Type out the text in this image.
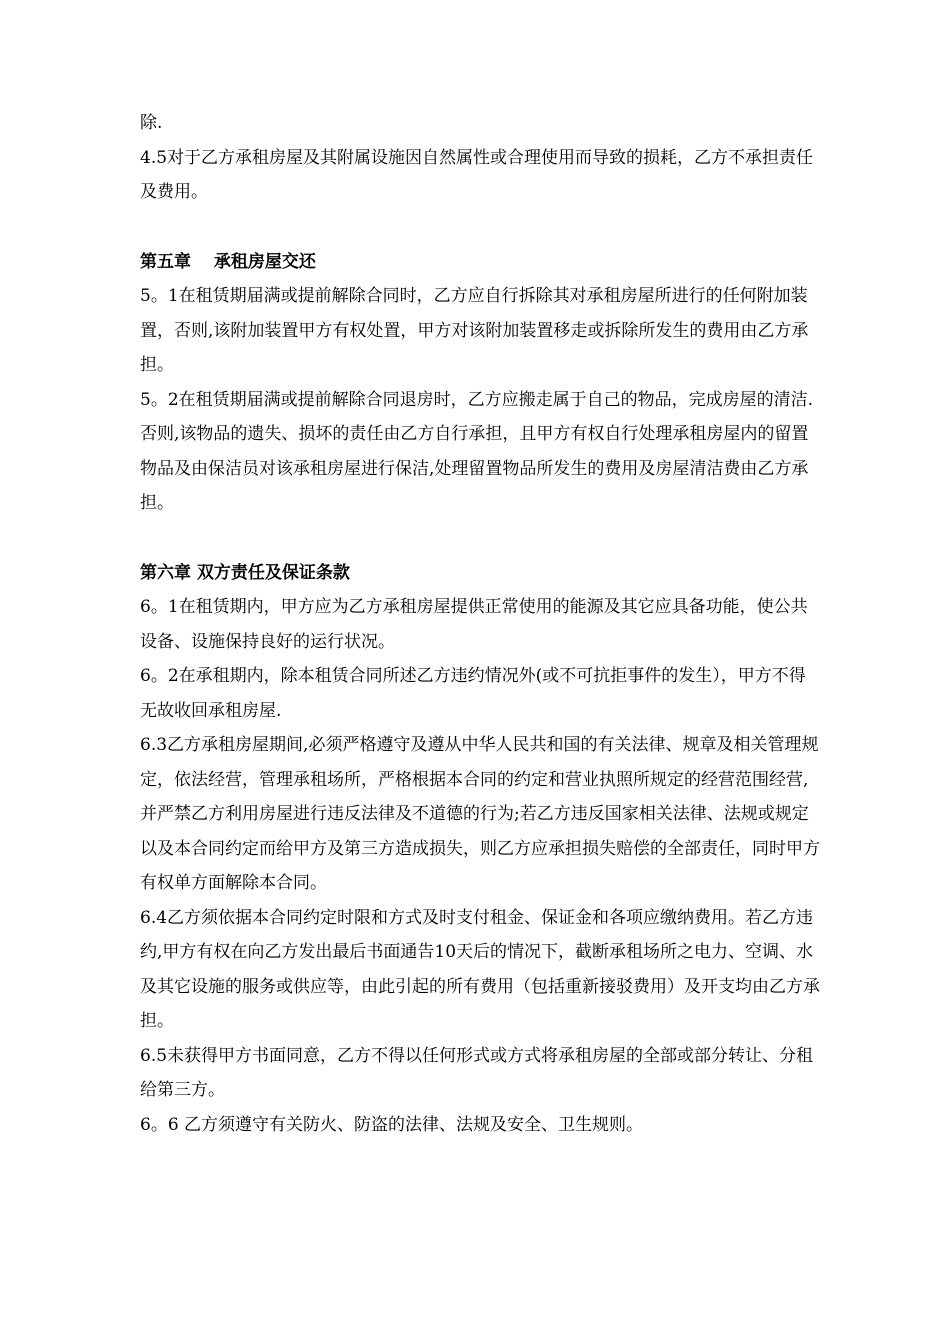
除.

4.5对于乙方承租房屋及其附属设施因自然属性或合理使用而导致的损耗，乙方不承担责任及费用。

第五章　 承租房屋交还

5。1在租赁期届满或提前解除合同时，乙方应自行拆除其对承租房屋所进行的任何附加装置，否则,该附加装置甲方有权处置，甲方对该附加装置移走或拆除所发生的费用由乙方承担。

5。2在租赁期届满或提前解除合同退房时，乙方应搬走属于自己的物品，完成房屋的清洁.否则,该物品的遗失、损坏的责任由乙方自行承担，且甲方有权自行处理承租房屋内的留置物品及由保洁员对该承租房屋进行保洁,处理留置物品所发生的费用及房屋清洁费由乙方承担。

第六章 双方责任及保证条款

6。1在租赁期内，甲方应为乙方承租房屋提供正常使用的能源及其它应具备功能，使公共设备、设施保持良好的运行状况。

6。2在承租期内，除本租赁合同所述乙方违约情况外(或不可抗拒事件的发生），甲方不得无故收回承租房屋.

6.3乙方承租房屋期间,必须严格遵守及遵从中华人民共和国的有关法律、规章及相关管理规定，依法经营，管理承租场所，严格根据本合同的约定和营业执照所规定的经营范围经营,并严禁乙方利用房屋进行违反法律及不道德的行为;若乙方违反国家相关法律、法规或规定以及本合同约定而给甲方及第三方造成损失，则乙方应承担损失赔偿的全部责任，同时甲方有权单方面解除本合同。

6.4乙方须依据本合同约定时限和方式及时支付租金、保证金和各项应缴纳费用。若乙方违约,甲方有权在向乙方发出最后书面通告10天后的情况下，截断承租场所之电力、空调、水及其它设施的服务或供应等，由此引起的所有费用（包括重新接驳费用）及开支均由乙方承担。

6.5未获得甲方书面同意，乙方不得以任何形式或方式将承租房屋的全部或部分转让、分租给第三方。

6。6 乙方须遵守有关防火、防盗的法律、法规及安全、卫生规则。
